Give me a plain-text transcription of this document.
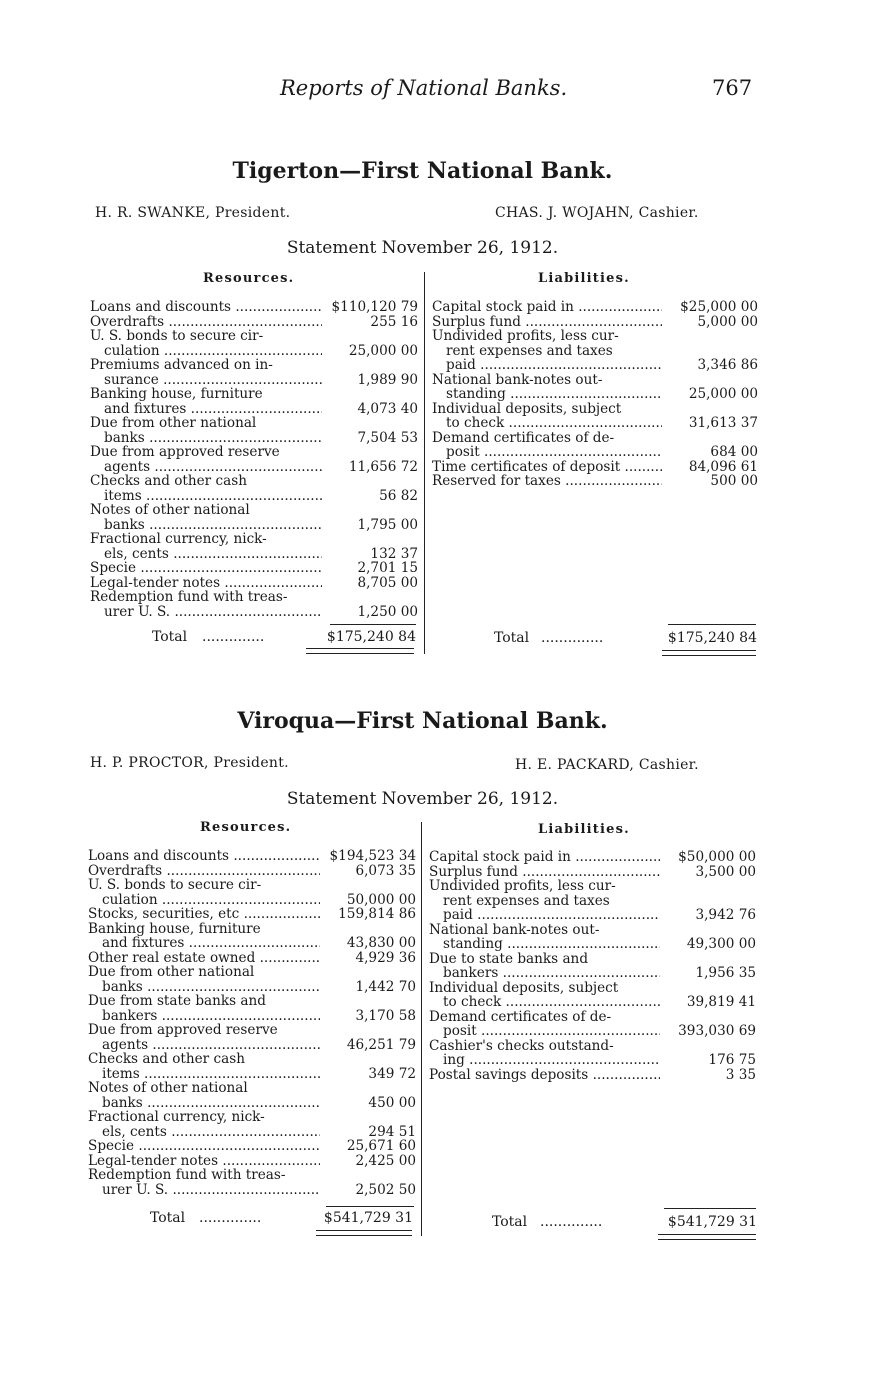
Reports of National Banks.	767
Tigerton—First National Bank.
H. R. SWANKE, President.	CHAS. J. WOJAHN, Cashier.
Statement November 26, 1912.
Resources.	Liabilities.
Loans and discounts .....	$110,120 79
Overdrafts .....	255 16
U. S. bonds to secure cir-
culation .....	25,000 00
Premiums advanced on in-
surance .....	1,989 90
Banking house, furniture
and fixtures .....	4,073 40
Due from other national
banks .....	7,504 53
Due from approved reserve
agents .....	11,656 72
Checks and other cash
items .....	56 82
Notes of other national
banks .....	1,795 00
Fractional currency, nick-
els, cents .....	132 37
Specie .....	2,701 15
Legal-tender notes .....	8,705 00
Redemption fund with treas-
urer U. S. .....	1,250 00
Capital stock paid in .....	$25,000 00
Surplus fund .....	5,000 00
Undivided profits, less cur-
rent expenses and taxes
paid .....	3,346 86
National bank-notes out-
standing .....	25,000 00
Individual deposits, subject
to check .....	31,613 37
Demand certificates of de-
posit .....	684 00
Time certificates of deposit .....	84,096 61
Reserved for taxes .....	500 00
Total ..............	$175,240 84	Total ..............	$175,240 84
Viroqua—First National Bank.
H. P. PROCTOR, President.	H. E. PACKARD, Cashier.
Statement November 26, 1912.
Resources.	Liabilities.
Loans and discounts .....	$194,523 34
Overdrafts .....	6,073 35
U. S. bonds to secure cir-
culation .....	50,000 00
Stocks, securities, etc .....	159,814 86
Banking house, furniture
and fixtures .....	43,830 00
Other real estate owned .....	4,929 36
Due from other national
banks .....	1,442 70
Due from state banks and
bankers .....	3,170 58
Due from approved reserve
agents .....	46,251 79
Checks and other cash
items .....	349 72
Notes of other national
banks .....	450 00
Fractional currency, nick-
els, cents .....	294 51
Specie .....	25,671 60
Legal-tender notes .....	2,425 00
Redemption fund with treas-
urer U. S. .....	2,502 50
Capital stock paid in .....	$50,000 00
Surplus fund .....	3,500 00
Undivided profits, less cur-
rent expenses and taxes
paid .....	3,942 76
National bank-notes out-
standing .....	49,300 00
Due to state banks and
bankers .....	1,956 35
Individual deposits, subject
to check .....	39,819 41
Demand certificates of de-
posit .....	393,030 69
Cashier's checks outstand-
ing .....	176 75
Postal savings deposits .....	3 35
Total ..............	$541,729 31	Total ..............	$541,729 31
